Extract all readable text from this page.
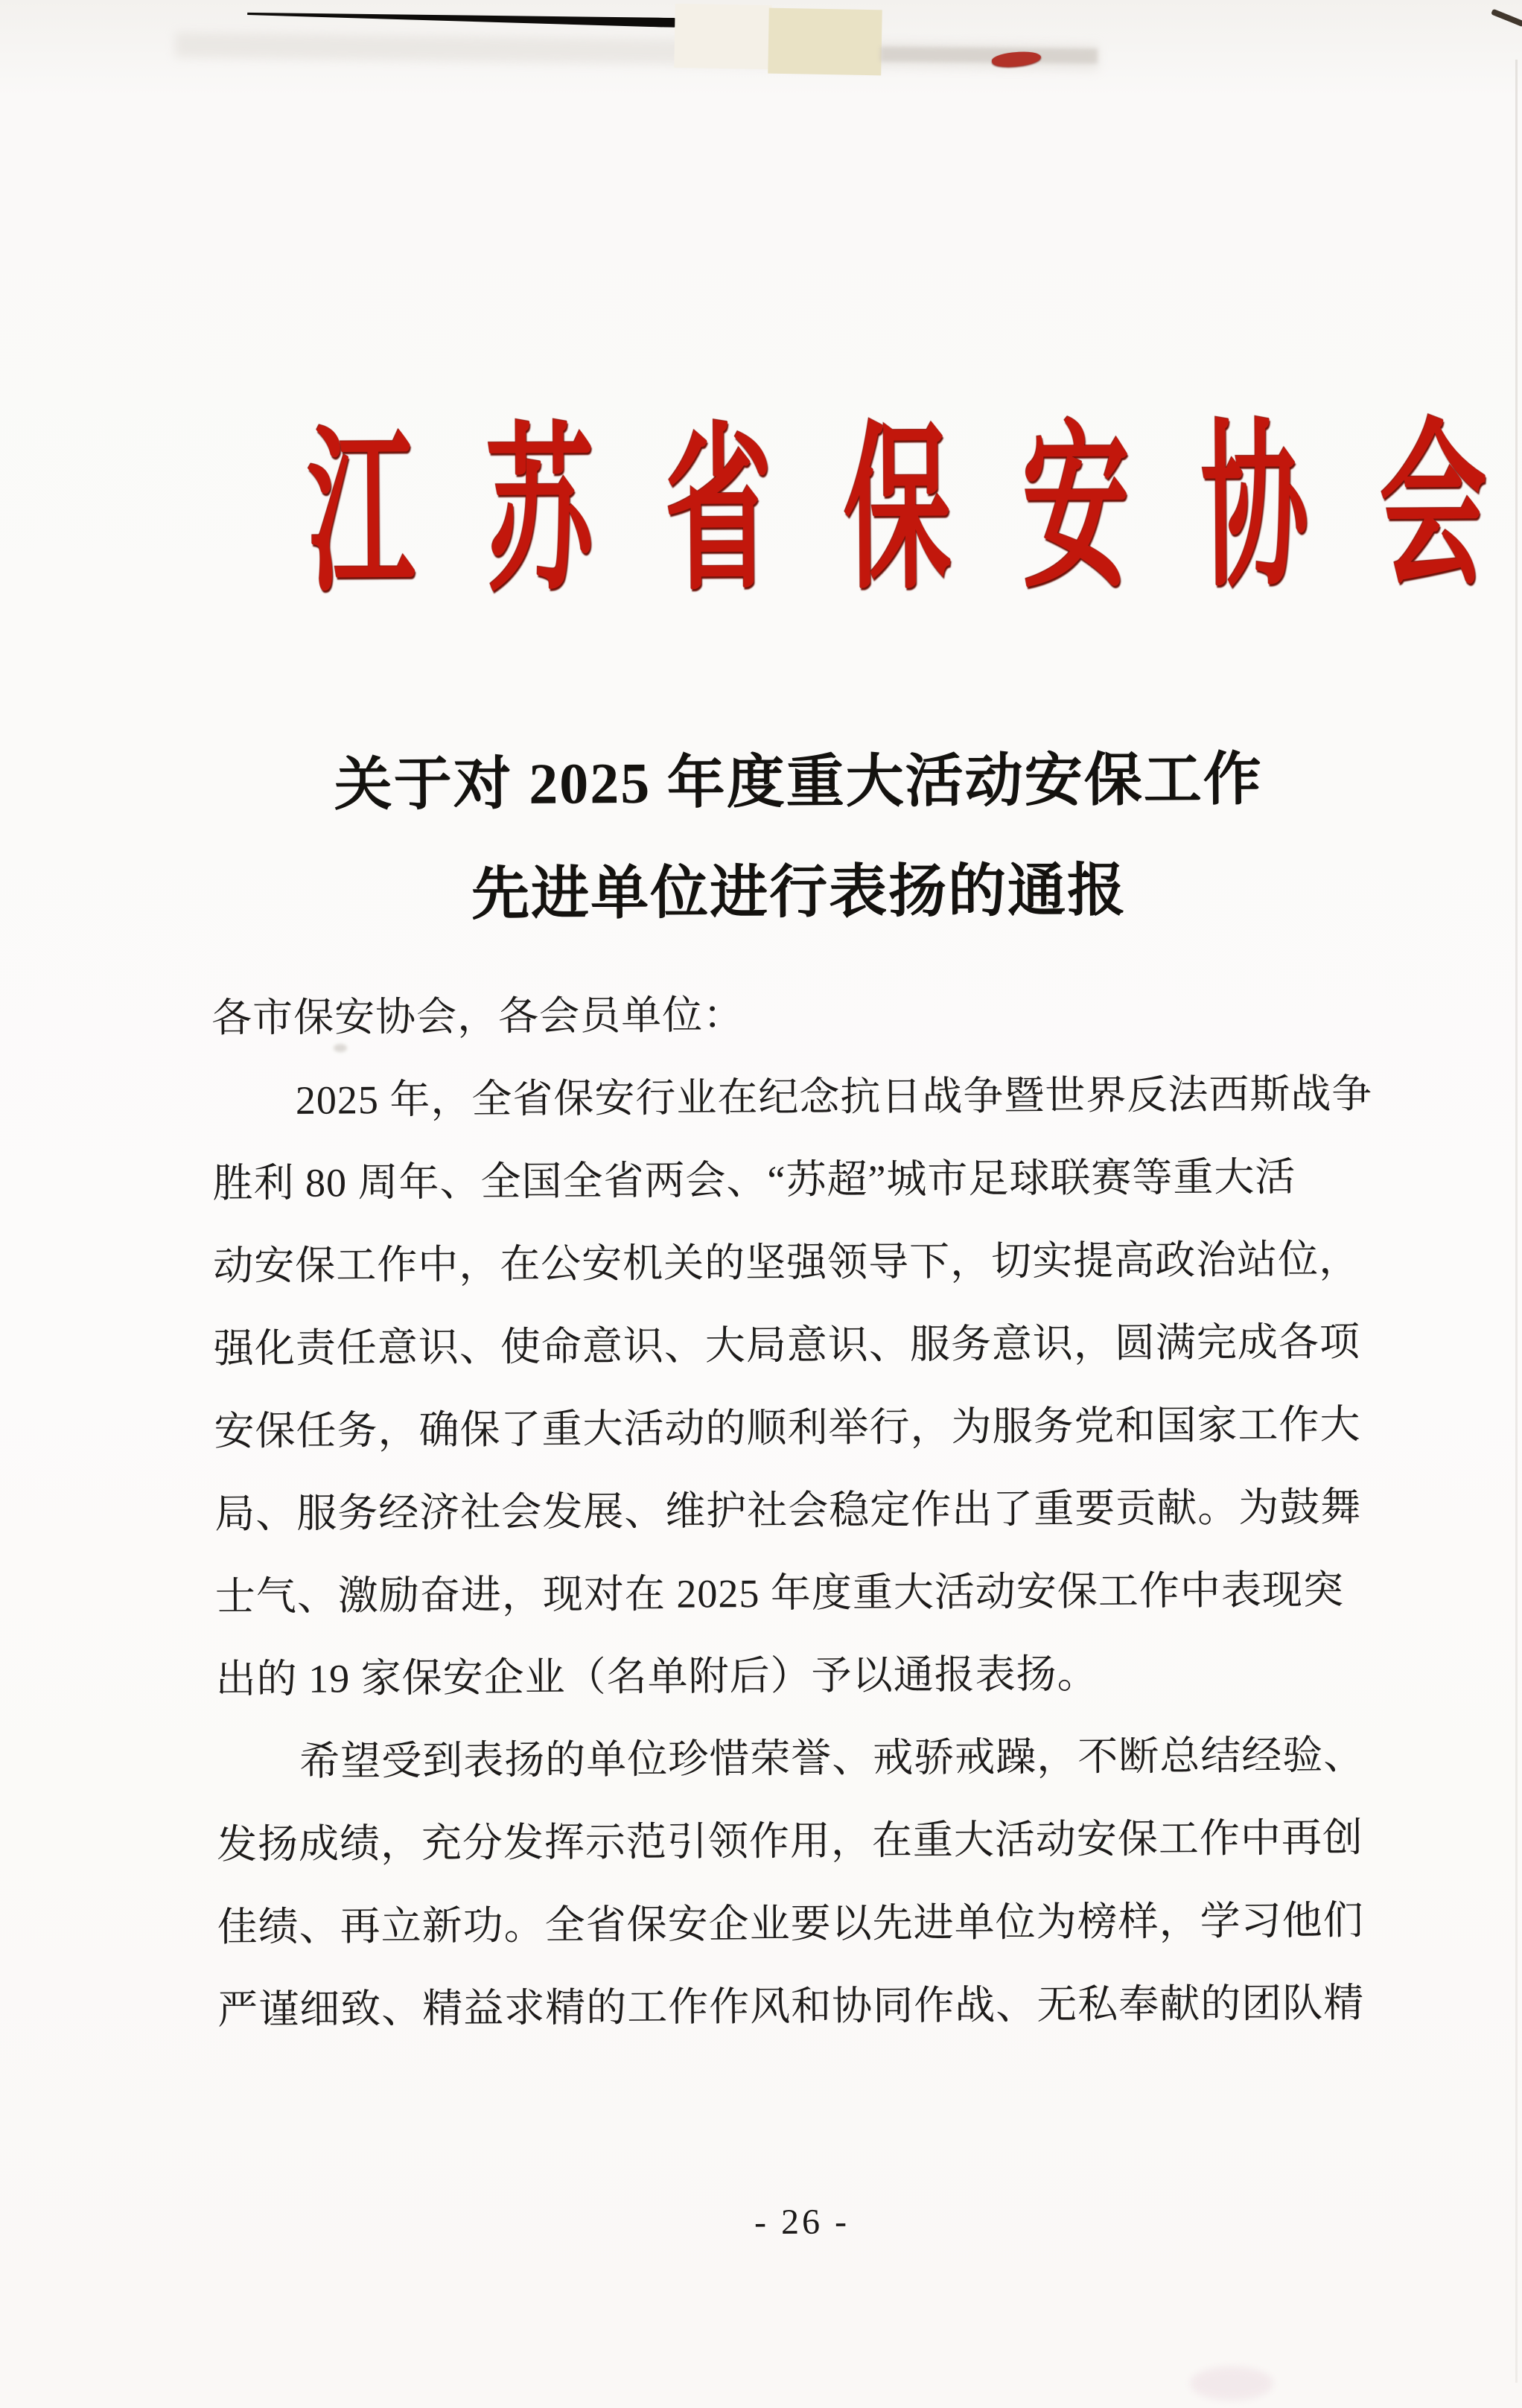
江 苏 省 保 安 协 会
关于对 2025 年度重大活动安保工作
先进单位进行表扬的通报
各市保安协会，各会员单位：
2025 年，全省保安行业在纪念抗日战争暨世界反法西斯战争
胜利 80 周年、全国全省两会、“苏超”城市足球联赛等重大活
动安保工作中，在公安机关的坚强领导下，切实提高政治站位，
强化责任意识、使命意识、大局意识、服务意识，圆满完成各项
安保任务，确保了重大活动的顺利举行，为服务党和国家工作大
局、服务经济社会发展、维护社会稳定作出了重要贡献。为鼓舞
士气、激励奋进，现对在 2025 年度重大活动安保工作中表现突
出的 19 家保安企业（名单附后）予以通报表扬。
希望受到表扬的单位珍惜荣誉、戒骄戒躁，不断总结经验、
发扬成绩，充分发挥示范引领作用，在重大活动安保工作中再创
佳绩、再立新功。全省保安企业要以先进单位为榜样，学习他们
严谨细致、精益求精的工作作风和协同作战、无私奉献的团队精
- 26 -
